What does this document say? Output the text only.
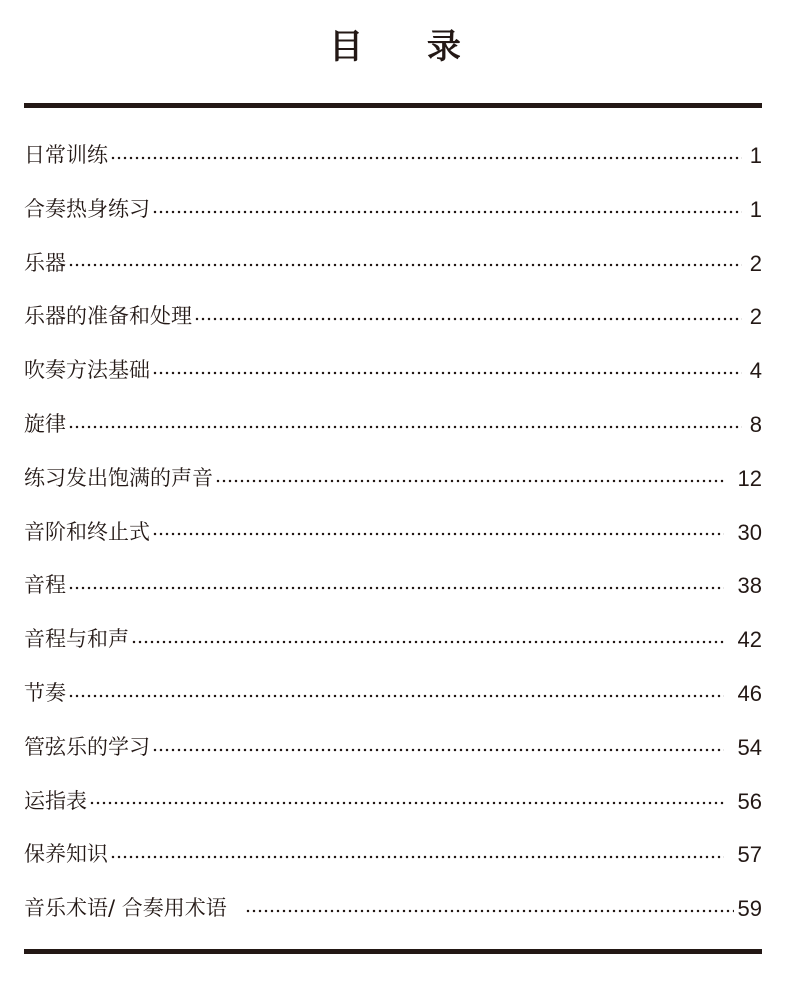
目 录
日常训练	1
合奏热身练习	1
乐器	2
乐器的准备和处理	2
吹奏方法基础	4
旋律	8
练习发出饱满的声音	12
音阶和终止式	30
音程	38
音程与和声	42
节奏	46
管弦乐的学习	54
运指表	56
保养知识	57
音乐术语/ 合奏用术语	59
